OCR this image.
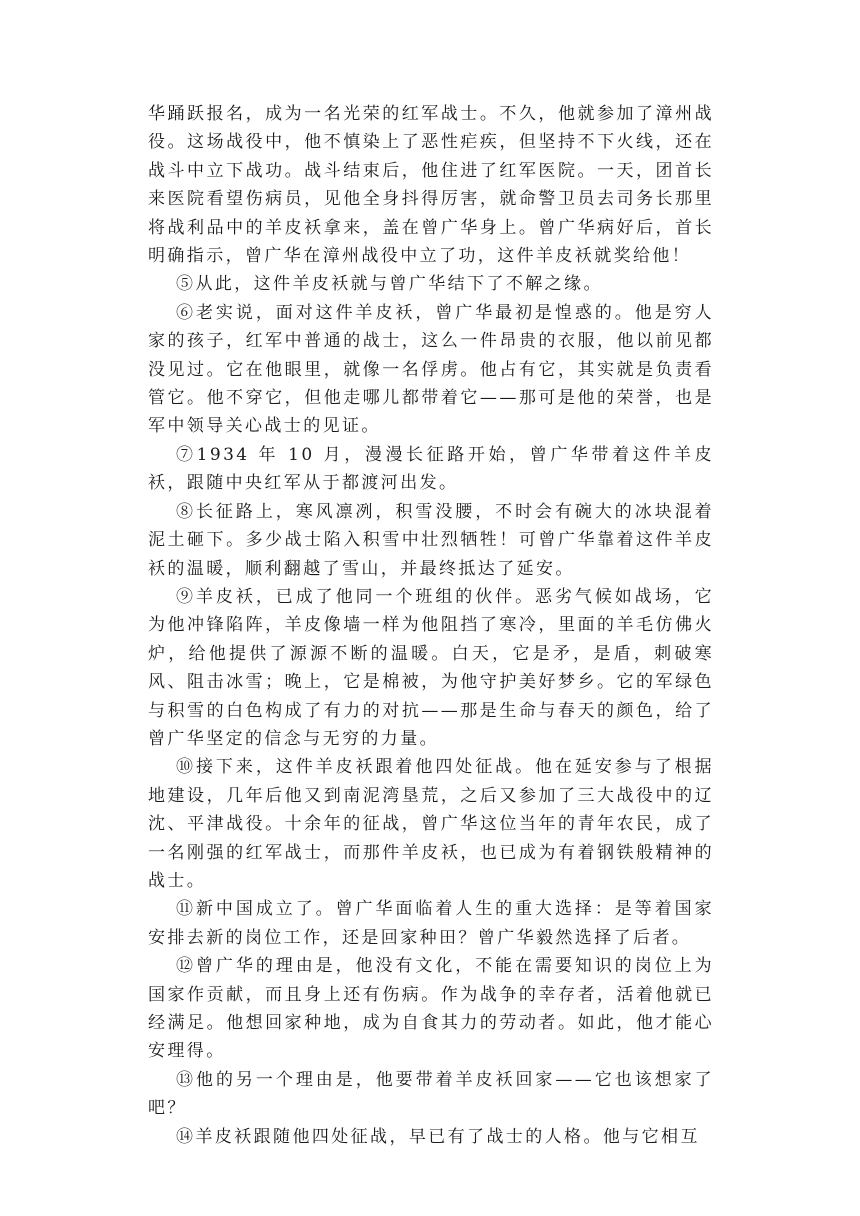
华踊跃报名，成为一名光荣的红军战士。不久，他就参加了漳州战役。这场战役中，他不慎染上了恶性疟疾，但坚持不下火线，还在战斗中立下战功。战斗结束后，他住进了红军医院。一天，团首长来医院看望伤病员，见他全身抖得厉害，就命警卫员去司务长那里将战利品中的羊皮袄拿来，盖在曾广华身上。曾广华病好后，首长明确指示，曾广华在漳州战役中立了功，这件羊皮袄就奖给他！

⑤从此，这件羊皮袄就与曾广华结下了不解之缘。

⑥老实说，面对这件羊皮袄，曾广华最初是惶惑的。他是穷人家的孩子，红军中普通的战士，这么一件昂贵的衣服，他以前见都没见过。它在他眼里，就像一名俘虏。他占有它，其实就是负责看管它。他不穿它，但他走哪儿都带着它——那可是他的荣誉，也是军中领导关心战士的见证。

⑦1934 年 10 月，漫漫长征路开始，曾广华带着这件羊皮袄，跟随中央红军从于都渡河出发。

⑧长征路上，寒风凛冽，积雪没腰，不时会有碗大的冰块混着泥土砸下。多少战士陷入积雪中壮烈牺牲！可曾广华靠着这件羊皮袄的温暖，顺利翻越了雪山，并最终抵达了延安。

⑨羊皮袄，已成了他同一个班组的伙伴。恶劣气候如战场，它为他冲锋陷阵，羊皮像墙一样为他阻挡了寒冷，里面的羊毛仿佛火炉，给他提供了源源不断的温暖。白天，它是矛，是盾，刺破寒风、阻击冰雪；晚上，它是棉被，为他守护美好梦乡。它的军绿色与积雪的白色构成了有力的对抗——那是生命与春天的颜色，给了曾广华坚定的信念与无穷的力量。

⑩接下来，这件羊皮袄跟着他四处征战。他在延安参与了根据地建设，几年后他又到南泥湾垦荒，之后又参加了三大战役中的辽沈、平津战役。十余年的征战，曾广华这位当年的青年农民，成了一名刚强的红军战士，而那件羊皮袄，也已成为有着钢铁般精神的战士。

⑪新中国成立了。曾广华面临着人生的重大选择：是等着国家安排去新的岗位工作，还是回家种田？曾广华毅然选择了后者。

⑫曾广华的理由是，他没有文化，不能在需要知识的岗位上为国家作贡献，而且身上还有伤病。作为战争的幸存者，活着他就已经满足。他想回家种地，成为自食其力的劳动者。如此，他才能心安理得。

⑬他的另一个理由是，他要带着羊皮袄回家——它也该想家了吧？

⑭羊皮袄跟随他四处征战，早已有了战士的人格。他与它相互
